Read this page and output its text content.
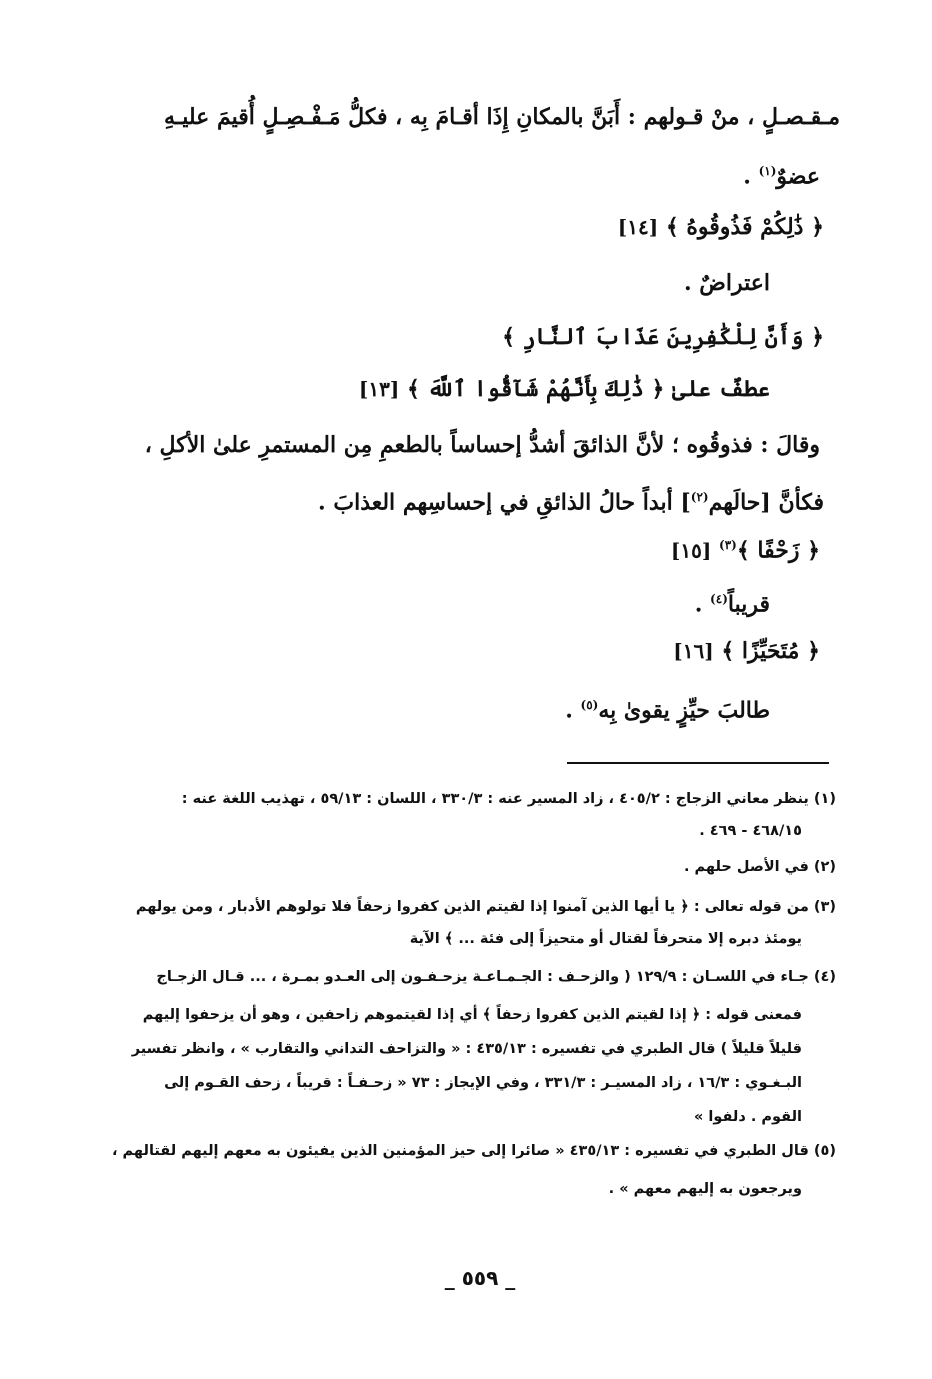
مـقـصـلٍ ، منْ قـولهم : أَبَنَّ بالمكانِ إِذَا أقـامَ بِه ، فكلُّ مَـفْـصِـلٍ أُقيمَ عليـهِ
عضوٌ$^{(١)}$ .
﴿ ذَٰلِكُمْ فَذُوقُوهُ ﴾ [١٤]
اعتراضٌ .
﴿ وَأَنَّ لِلْكَٰفِرِينَ عَذَابَ ٱلنَّارِ ﴾
عطفٌ علىٰ ﴿ ذَٰلِكَ بِأَنَّهُمْ شَآقُّوا ٱللَّهَ ﴾ [١٣]
وقالَ : فذوقُوه ؛ لأنَّ الذائقَ أشدُّ إحساساً بالطعمِ مِن المستمرِ علىٰ الأكلِ ،
فكأنَّ [حالَهم$^{(٢)}$] أبداً حالُ الذائقِ في إحساسِهم العذابَ .
﴿ زَحْفًا ﴾$^{(٣)}$ [١٥]
قريباً$^{(٤)}$ .
﴿ مُتَحَيِّزًا ﴾ [١٦]
طالبَ حيِّزٍ يقوىٰ بِه$^{(٥)}$ .
(١) ينظر معاني الزجاج : ٤٠٥/٢ ، زاد المسير عنه : ٣٣٠/٣ ، اللسان : ٥٩/١٣ ، تهذيب اللغة عنه :
٤٦٨/١٥ - ٤٦٩ .
(٢) في الأصل حلهم .
(٣) من قوله تعالى : ﴿ يا أيها الذين آمنوا إذا لقيتم الذين كفروا زحفاً فلا تولوهم الأدبار ، ومن يولهم
يومئذ دبره إلا متحرفاً لقتال أو متحيزاً إلى فئة ... ﴾ الآية
(٤) جـاء في اللسـان : ١٢٩/٩ ( والزحـف : الجـمـاعـة يزحـفـون إلى العـدو بمـرة ، ... قـال الزجـاج
فمعنى قوله : ﴿ إذا لقيتم الذين كفروا زحفاً ﴾ أي إذا لقيتموهم زاحفين ، وهو أن يزحفوا إليهم
قليلاً قليلاً ) قال الطبري في تفسيره : ٤٣٥/١٣ : « والتزاحف التداني والتقارب » ، وانظر تفسير
البـغـوي : ١٦/٣ ، زاد المسيـر : ٣٣١/٣ ، وفي الإيجاز : ٧٣ « زحـفـاً : قريباً ، زحف القـوم إلى
القوم . دلفوا »
(٥) قال الطبري في تفسيره : ٤٣٥/١٣ « صائرا إلى حيز المؤمنين الذين يفيئون به معهم إليهم لقتالهم ،
ويرجعون به إليهم معهم » .
_ ٥٥٩ _
